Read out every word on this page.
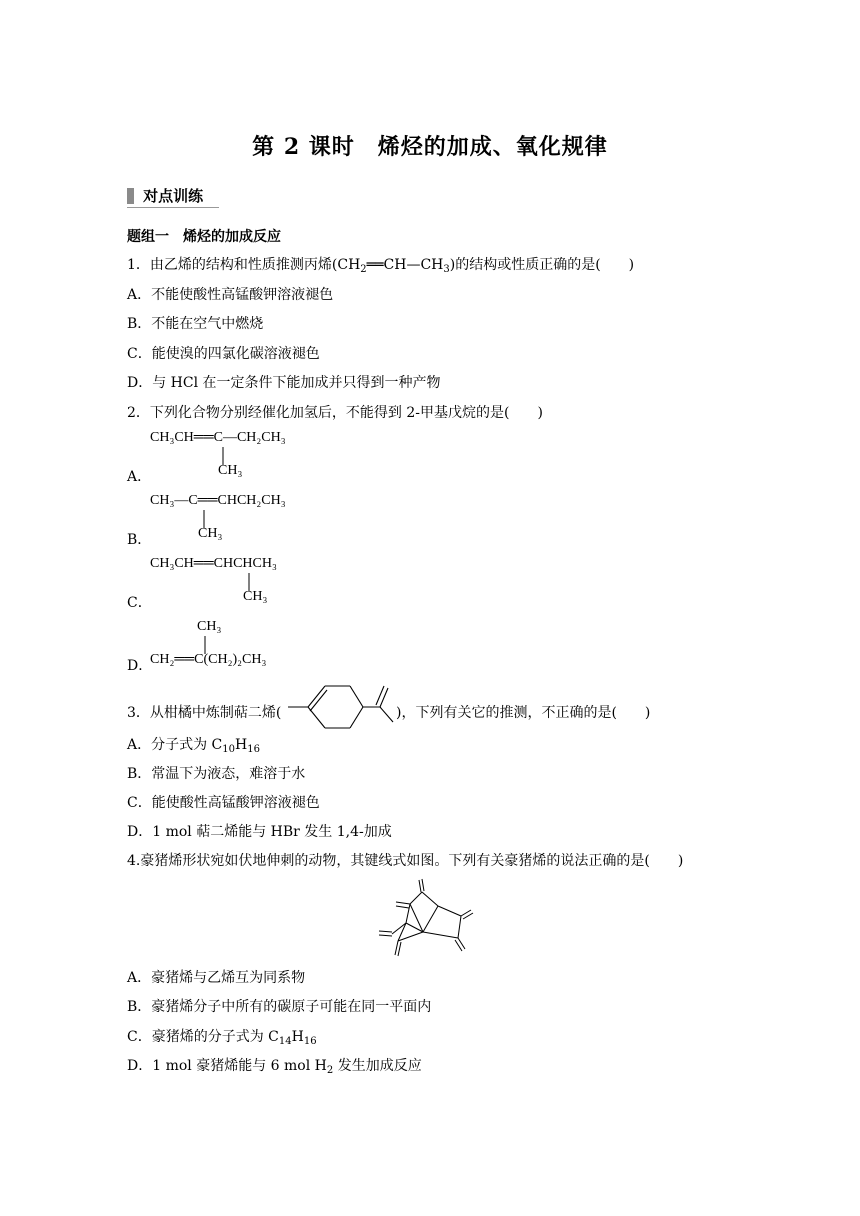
第 2 课时　烯烃的加成、氧化规律
对点训练
题组一　烯烃的加成反应
1．由乙烯的结构和性质推测丙烯$(CH_2══CH—CH_3)$的结构或性质正确的是(　　)
A．不能使酸性高锰酸钾溶液褪色
B．不能在空气中燃烧
C．能使溴的四氯化碳溶液褪色
D．与 HCl 在一定条件下能加成并只得到一种产物
2．下列化合物分别经催化加氢后，不能得到 2-甲基戊烷的是(　　)
CH₃CH══C—CH₂CH₃
CH₃
A．
CH₃—C══CHCH₂CH₃
CH₃
B．
CH₃CH══CHCHCH₃
CH₃
C．
CH₃
CH₂══C(CH₂)₂CH₃
D．
3．从柑橘中炼制萜二烯(	)，下列有关它的推测，不正确的是(　　)
A．分子式为 $C_{10}H_{16}$
B．常温下为液态，难溶于水
C．能使酸性高锰酸钾溶液褪色
D．1 mol 萜二烯能与 HBr 发生 1,4-加成
4.豪猪烯形状宛如伏地伸刺的动物，其键线式如图。下列有关豪猪烯的说法正确的是(　　)
A．豪猪烯与乙烯互为同系物
B．豪猪烯分子中所有的碳原子可能在同一平面内
C．豪猪烯的分子式为 $C_{14}H_{16}$
D．1 mol 豪猪烯能与 6 mol $H_2$ 发生加成反应
